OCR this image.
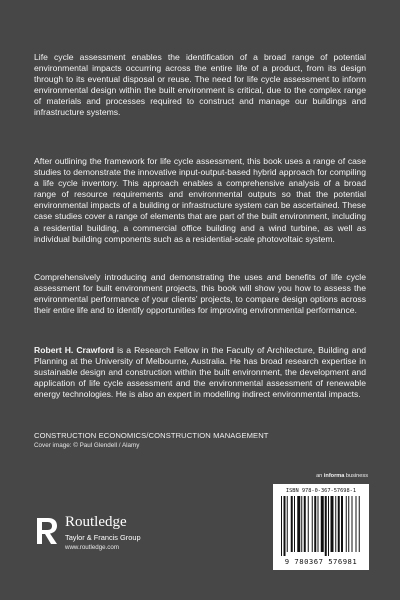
Life cycle assessment enables the identification of a broad range of potential environmental impacts occurring across the entire life of a product, from its design through to its eventual disposal or reuse. The need for life cycle assessment to inform environmental design within the built environment is critical, due to the complex range of materials and processes required to construct and manage our buildings and infrastructure systems.
After outlining the framework for life cycle assessment, this book uses a range of case studies to demonstrate the innovative input-output-based hybrid approach for compiling a life cycle inventory. This approach enables a comprehensive analysis of a broad range of resource requirements and environmental outputs so that the potential environmental impacts of a building or infrastructure system can be ascertained. These case studies cover a range of elements that are part of the built environment, including a residential building, a commercial office building and a wind turbine, as well as individual building components such as a residential-scale photovoltaic system.
Comprehensively introducing and demonstrating the uses and benefits of life cycle assessment for built environment projects, this book will show you how to assess the environmental performance of your clients' projects, to compare design options across their entire life and to identify opportunities for improving environmental performance.
Robert H. Crawford is a Research Fellow in the Faculty of Architecture, Building and Planning at the University of Melbourne, Australia. He has broad research expertise in sustainable design and construction within the built environment, the development and application of life cycle assessment and the environmental assessment of renewable energy technologies. He is also an expert in modelling indirect environmental impacts.
CONSTRUCTION ECONOMICS/CONSTRUCTION MANAGEMENT
Cover image: © Paul Glendell / Alamy
an informa business
ISBN 978-0-367-57698-1
9 780367 576981
Routledge
Taylor & Francis Group
www.routledge.com
